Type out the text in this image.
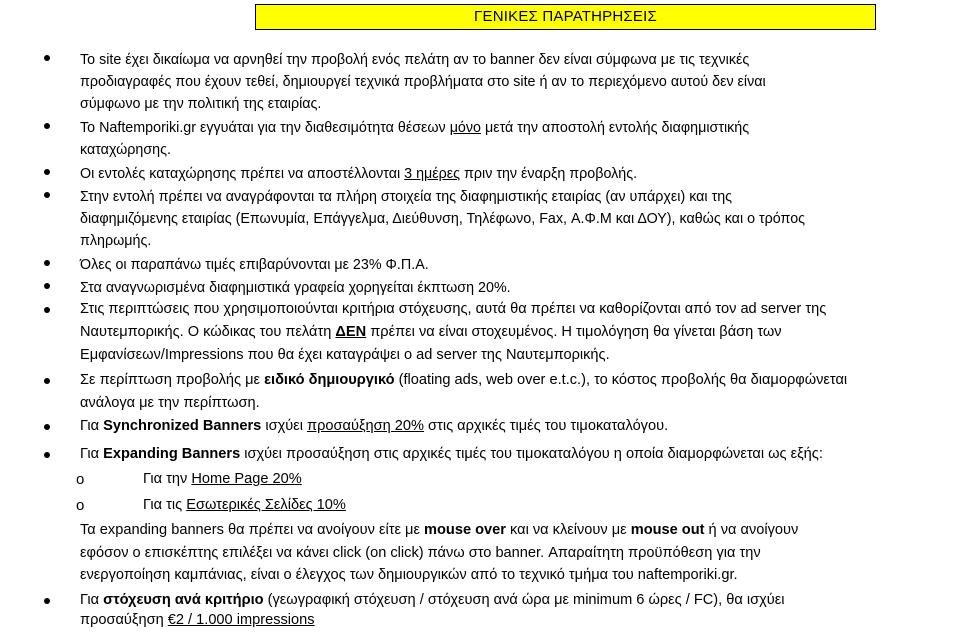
ΓΕΝΙΚΕΣ ΠΑΡΑΤΗΡΗΣΕΙΣ
Το site έχει δικαίωμα να αρνηθεί την προβολή ενός πελάτη αν το banner δεν είναι σύμφωνα με τις τεχνικές
προδιαγραφές που έχουν τεθεί, δημιουργεί τεχνικά προβλήματα στο site ή αν το περιεχόμενο αυτού δεν είναι
σύμφωνο με την πολιτική της εταιρίας.
Το Naftemporiki.gr εγγυάται για την διαθεσιμότητα θέσεων μόνο μετά την αποστολή εντολής διαφημιστικής
καταχώρησης.
Οι εντολές καταχώρησης πρέπει να αποστέλλονται 3 ημέρες πριν την έναρξη προβολής.
Στην εντολή πρέπει να αναγράφονται τα πλήρη στοιχεία της διαφημιστικής εταιρίας (αν υπάρχει) και της
διαφημιζόμενης εταιρίας (Επωνυμία, Επάγγελμα, Διεύθυνση, Τηλέφωνο, Fax, Α.Φ.Μ και ΔΟΥ), καθώς και ο τρόπος
πληρωμής.
Όλες οι παραπάνω τιμές επιβαρύνονται με 23% Φ.Π.Α.
Στα αναγνωρισμένα διαφημιστικά γραφεία χορηγείται έκπτωση 20%.
Στις περιπτώσεις που χρησιμοποιούνται κριτήρια στόχευσης, αυτά θα πρέπει να καθορίζονται από τον ad server της
Ναυτεμπορικής. Ο κώδικας του πελάτη ΔΕΝ πρέπει να είναι στοχευμένος. Η τιμολόγηση θα γίνεται βάση των
Εμφανίσεων/Impressions που θα έχει καταγράψει ο ad server της Ναυτεμπορικής.
Σε περίπτωση προβολής με ειδικό δημιουργικό (floating ads, web over e.t.c.), το κόστος προβολής θα διαμορφώνεται
ανάλογα με την περίπτωση.
Για Synchronized Banners ισχύει προσαύξηση 20% στις αρχικές τιμές του τιμοκαταλόγου.
Για Expanding Banners ισχύει προσαύξηση στις αρχικές τιμές του τιμοκαταλόγου η οποία διαμορφώνεται ως εξής:
o	Για την Home Page 20%
o	Για τις Εσωτερικές Σελίδες 10%
Τα expanding banners θα πρέπει να ανοίγουν είτε με mouse over και να κλείνουν με mouse out ή να ανοίγουν
εφόσον ο επισκέπτης επιλέξει να κάνει click (on click) πάνω στο banner. Απαραίτητη προϋπόθεση για την
ενεργοποίηση καμπάνιας, είναι ο έλεγχος των δημιουργικών από το τεχνικό τμήμα του naftemporiki.gr.
Για στόχευση ανά κριτήριο (γεωγραφική στόχευση / στόχευση ανά ώρα με minimum 6 ώρες / FC), θα ισχύει
προσαύξηση €2 / 1.000 impressions
